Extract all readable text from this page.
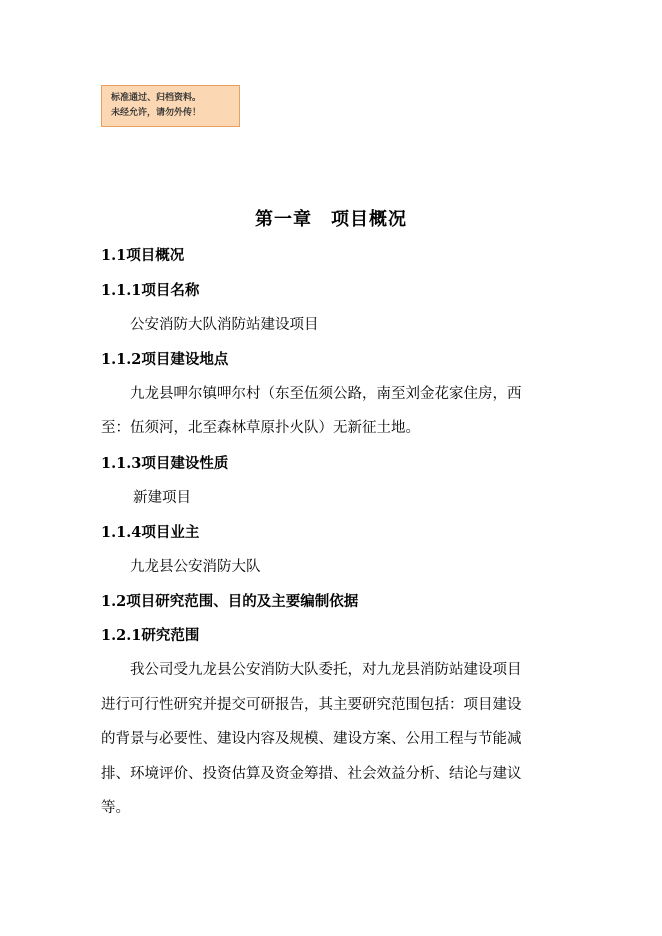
标准通过、归档资料。
未经允许，请勿外传！
第一章　项目概况
1.1项目概况
1.1.1项目名称
公安消防大队消防站建设项目
1.1.2项目建设地点
九龙县呷尔镇呷尔村（东至伍须公路，南至刘金花家住房，西
至：伍须河，北至森林草原扑火队）无新征土地。
1.1.3项目建设性质
新建项目
1.1.4项目业主
九龙县公安消防大队
1.2项目研究范围、目的及主要编制依据
1.2.1研究范围
我公司受九龙县公安消防大队委托，对九龙县消防站建设项目
进行可行性研究并提交可研报告，其主要研究范围包括：项目建设
的背景与必要性、建设内容及规模、建设方案、公用工程与节能减
排、环境评价、投资估算及资金筹措、社会效益分析、结论与建议
等。
